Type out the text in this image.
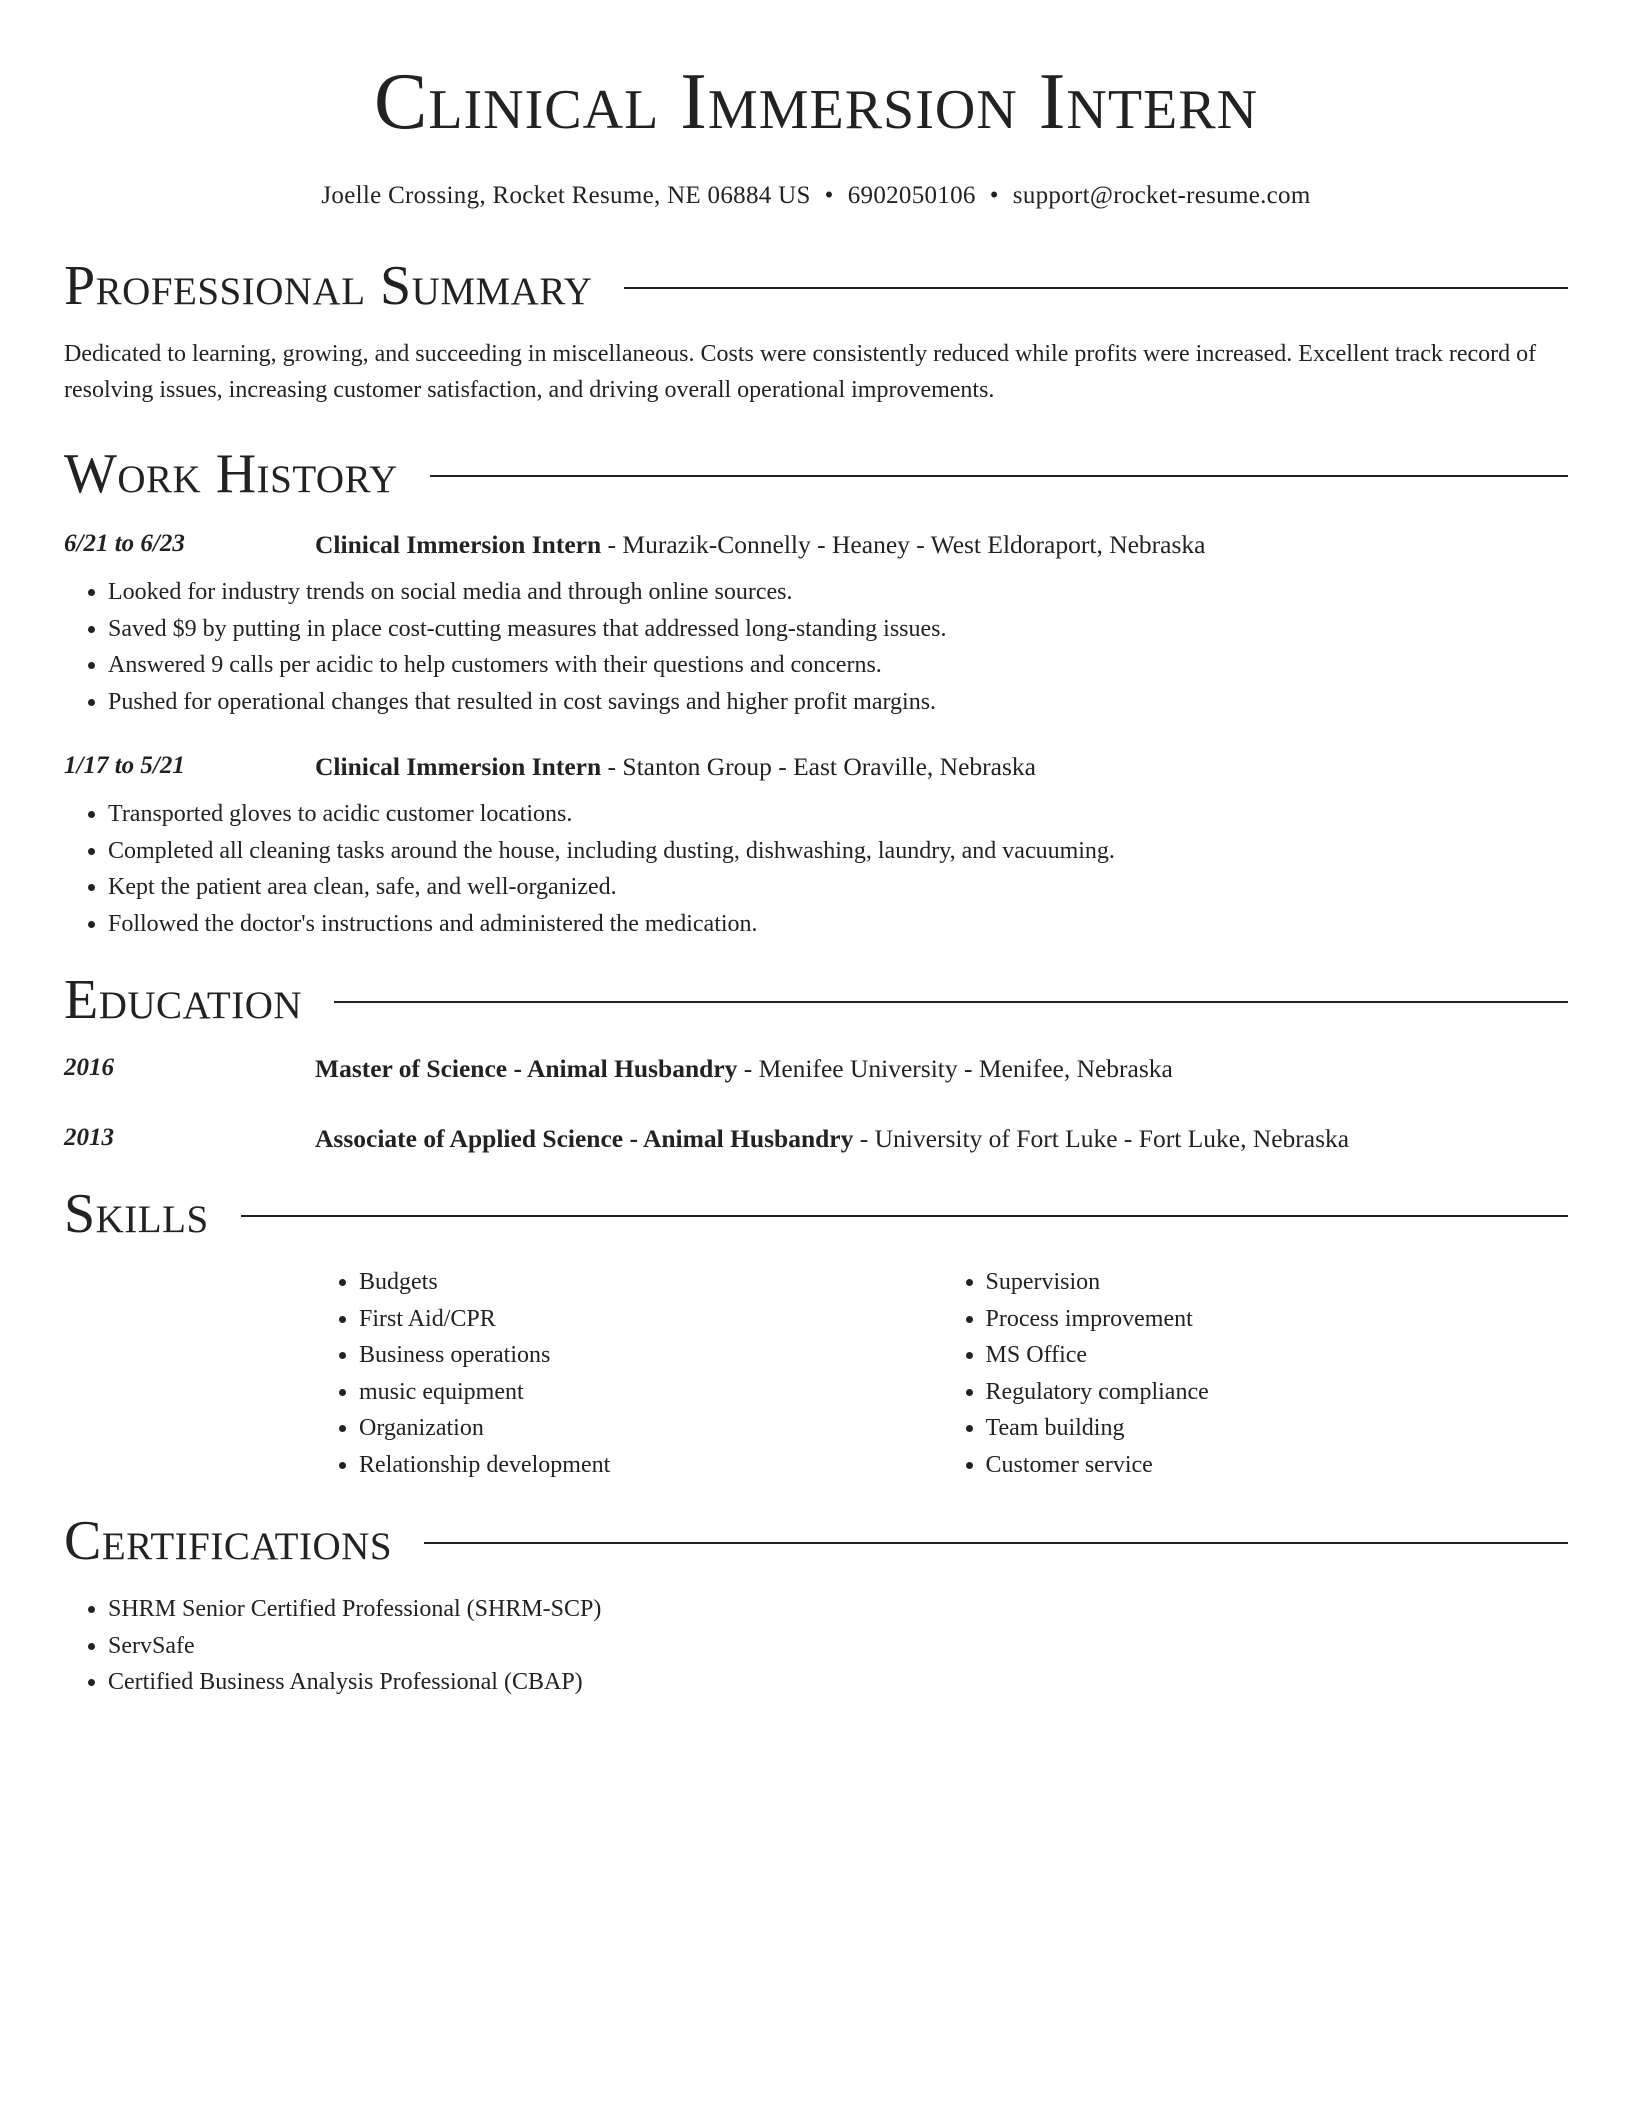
Clinical Immersion Intern
Joelle Crossing, Rocket Resume, NE 06884 US • 6902050106 • support@rocket-resume.com
Professional Summary

Dedicated to learning, growing, and succeeding in miscellaneous. Costs were consistently reduced while profits were increased. Excellent track record of resolving issues, increasing customer satisfaction, and driving overall operational improvements.

Work History
6/21 to 6/23	Clinical Immersion Intern - Murazik-Connelly - Heaney - West Eldoraport, Nebraska
• Looked for industry trends on social media and through online sources.
• Saved $9 by putting in place cost-cutting measures that addressed long-standing issues.
• Answered 9 calls per acidic to help customers with their questions and concerns.
• Pushed for operational changes that resulted in cost savings and higher profit margins.
1/17 to 5/21	Clinical Immersion Intern - Stanton Group - East Oraville, Nebraska
• Transported gloves to acidic customer locations.
• Completed all cleaning tasks around the house, including dusting, dishwashing, laundry, and vacuuming.
• Kept the patient area clean, safe, and well-organized.
• Followed the doctor's instructions and administered the medication.
Education
2016	Master of Science - Animal Husbandry - Menifee University - Menifee, Nebraska
2013	Associate of Applied Science - Animal Husbandry - University of Fort Luke - Fort Luke, Nebraska
Skills
• Budgets
• First Aid/CPR
• Business operations
• music equipment
• Organization
• Relationship development
• Supervision
• Process improvement
• MS Office
• Regulatory compliance
• Team building
• Customer service
Certifications
• SHRM Senior Certified Professional (SHRM-SCP)
• ServSafe
• Certified Business Analysis Professional (CBAP)
